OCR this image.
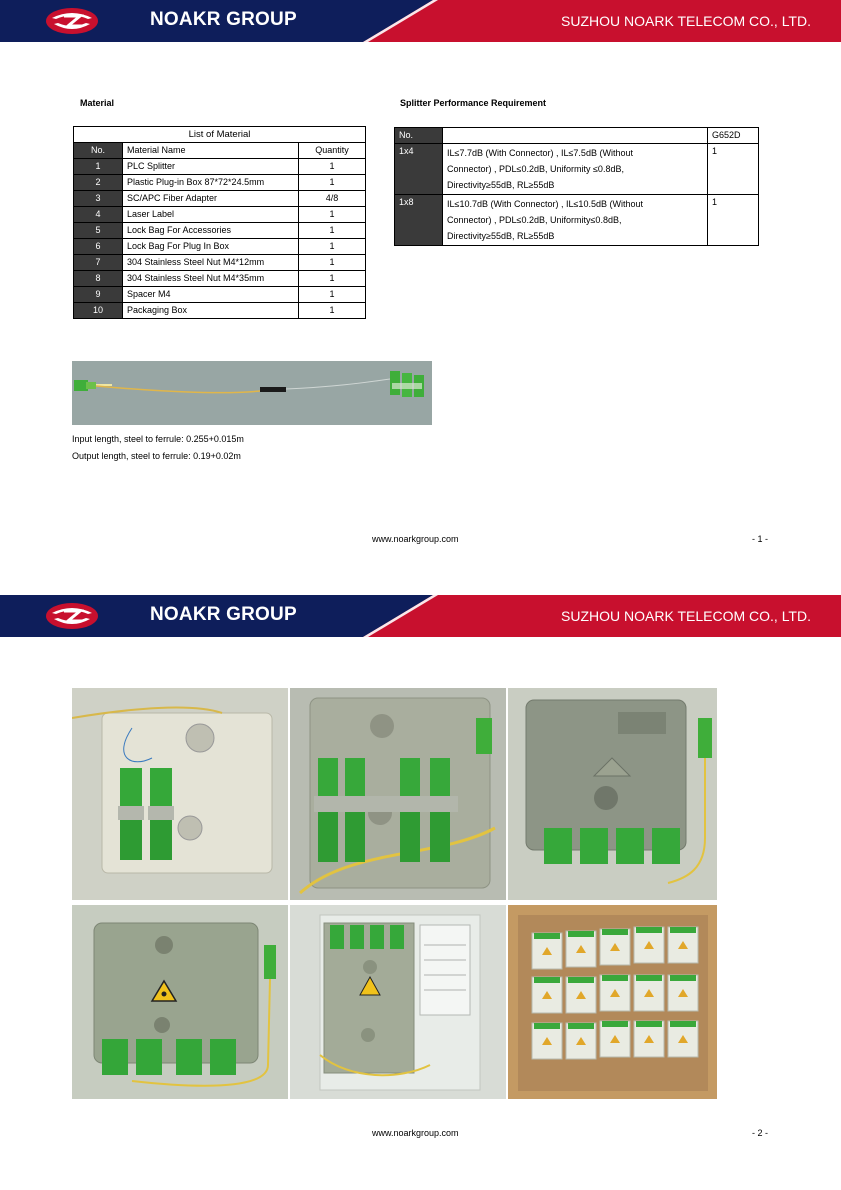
NOAKR GROUP	SUZHOU NOARK TELECOM CO., LTD.
Material	Splitter Performance Requirement
List of Material		
No.	Material Name	Quantity
1	PLC Splitter	1
2	Plastic Plug-in Box 87*72*24.5mm	1
3	SC/APC Fiber Adapter	4/8
4	Laser Label	1
5	Lock Bag For Accessories	1
6	Lock Bag For Plug In Box	1
7	304 Stainless Steel Nut M4*12mm	1
8	304 Stainless Steel Nut M4*35mm	1
9	Spacer M4	1
10	Packaging Box	1
No.		G652D
1x4	IL≤7.7dB (With Connector) , IL≤7.5dB (Without
Connector) , PDL≤0.2dB, Uniformity ≤0.8dB,
Directivity≥55dB, RL≥55dB	1
1x8	IL≤10.7dB (With Connector) , IL≤10.5dB (Without
Connector) , PDL≤0.2dB, Uniformity≤0.8dB,
Directivity≥55dB, RL≥55dB	1
Input length, steel to ferrule: 0.255+0.015m
Output length, steel to ferrule: 0.19+0.02m
www.noarkgroup.com	- 1 -
NOAKR GROUP	SUZHOU NOARK TELECOM CO., LTD.
www.noarkgroup.com	- 2 -
